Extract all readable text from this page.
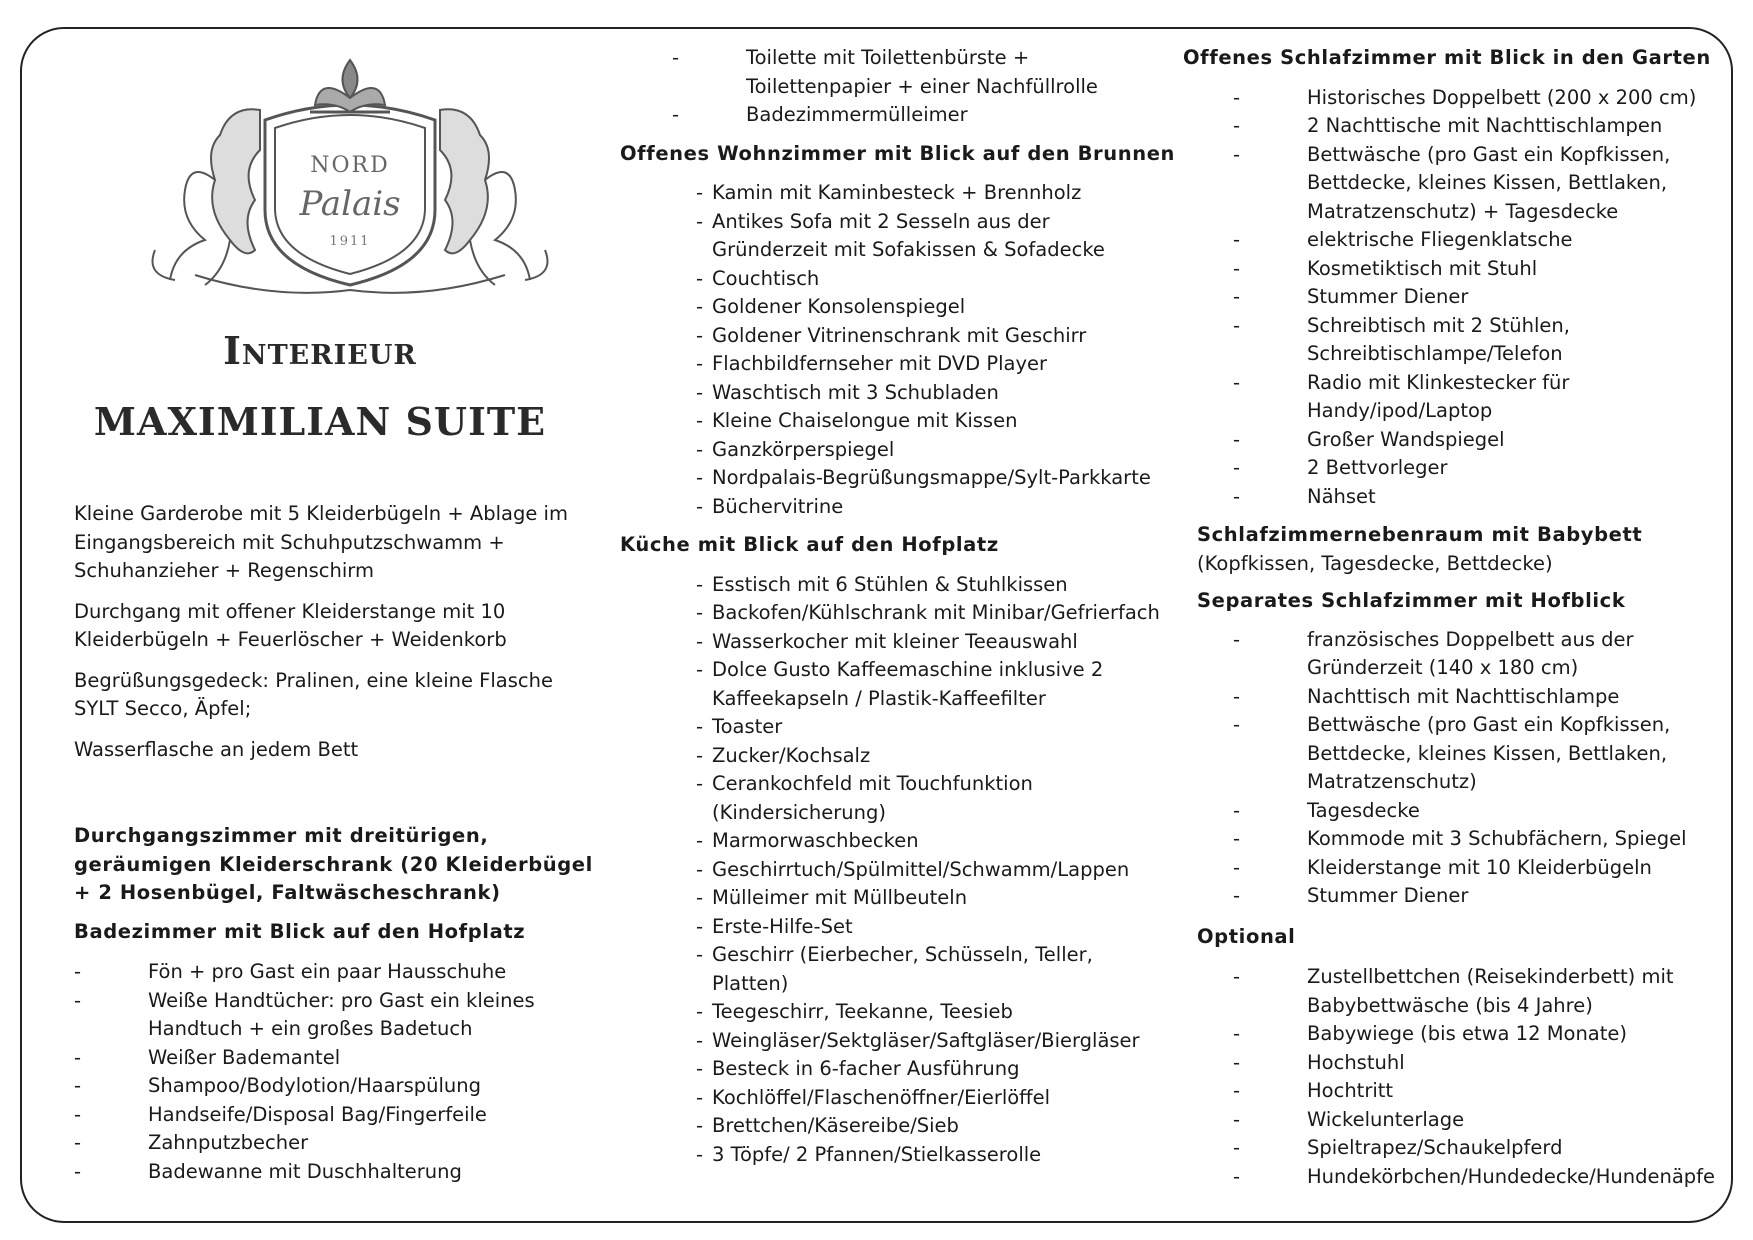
NORD
Palais
1911
Interieur
MAXIMILIAN SUITE

Kleine Garderobe mit 5 Kleiderbügeln + Ablage im Eingangsbereich mit Schuhputzschwamm + Schuhanzieher + Regenschirm

Durchgang mit offener Kleiderstange mit 10 Kleiderbügeln + Feuerlöscher + Weidenkorb

Begrüßungsgedeck: Pralinen, eine kleine Flasche SYLT Secco, Äpfel;

Wasserflasche an jedem Bett

Durchgangszimmer mit dreitürigen, geräumigen Kleiderschrank (20 Kleiderbügel + 2 Hosenbügel, Faltwäscheschrank)

Badezimmer mit Blick auf den Hofplatz

- Fön + pro Gast ein paar Hausschuhe
- Weiße Handtücher: pro Gast ein kleines Handtuch + ein großes Badetuch
- Weißer Bademantel
- Shampoo/Bodylotion/Haarspülung
- Handseife/Disposal Bag/Fingerfeile
- Zahnputzbecher
- Badewanne mit Duschhalterung
- Toilette mit Toilettenbürste + Toilettenpapier + einer Nachfüllrolle
- Badezimmermülleimer

Offenes Wohnzimmer mit Blick auf den Brunnen

- Kamin mit Kaminbesteck + Brennholz
- Antikes Sofa mit 2 Sesseln aus der Gründerzeit mit Sofakissen & Sofadecke
- Couchtisch
- Goldener Konsolenspiegel
- Goldener Vitrinenschrank mit Geschirr
- Flachbildfernseher mit DVD Player
- Waschtisch mit 3 Schubladen
- Kleine Chaiselongue mit Kissen
- Ganzkörperspiegel
- Nordpalais-Begrüßungsmappe/Sylt-Parkkarte
- Büchervitrine

Küche mit Blick auf den Hofplatz

- Esstisch mit 6 Stühlen & Stuhlkissen
- Backofen/Kühlschrank mit Minibar/Gefrierfach
- Wasserkocher mit kleiner Teeauswahl
- Dolce Gusto Kaffeemaschine inklusive 2 Kaffeekapseln / Plastik-Kaffeefilter
- Toaster
- Zucker/Kochsalz
- Cerankochfeld mit Touchfunktion (Kindersicherung)
- Marmorwaschbecken
- Geschirrtuch/Spülmittel/Schwamm/Lappen
- Mülleimer mit Müllbeuteln
- Erste-Hilfe-Set
- Geschirr (Eierbecher, Schüsseln, Teller, Platten)
- Teegeschirr, Teekanne, Teesieb
- Weingläser/Sektgläser/Saftgläser/Biergläser
- Besteck in 6-facher Ausführung
- Kochlöffel/Flaschenöffner/Eierlöffel
- Brettchen/Käsereibe/Sieb
- 3 Töpfe/ 2 Pfannen/Stielkasserolle

Offenes Schlafzimmer mit Blick in den Garten

- Historisches Doppelbett (200 x 200 cm)
- 2 Nachttische mit Nachttischlampen
- Bettwäsche (pro Gast ein Kopfkissen, Bettdecke, kleines Kissen, Bettlaken, Matratzenschutz) + Tagesdecke
- elektrische Fliegenklatsche
- Kosmetiktisch mit Stuhl
- Stummer Diener
- Schreibtisch mit 2 Stühlen, Schreibtischlampe/Telefon
- Radio mit Klinkestecker für Handy/ipod/Laptop
- Großer Wandspiegel
- 2 Bettvorleger
- Nähset

Schlafzimmernebenraum mit Babybett

(Kopfkissen, Tagesdecke, Bettdecke)

Separates Schlafzimmer mit Hofblick

- französisches Doppelbett aus der Gründerzeit (140 x 180 cm)
- Nachttisch mit Nachttischlampe
- Bettwäsche (pro Gast ein Kopfkissen, Bettdecke, kleines Kissen, Bettlaken, Matratzenschutz)
- Tagesdecke
- Kommode mit 3 Schubfächern, Spiegel
- Kleiderstange mit 10 Kleiderbügeln
- Stummer Diener

Optional

- Zustellbettchen (Reisekinderbett) mit Babybettwäsche (bis 4 Jahre)
- Babywiege (bis etwa 12 Monate)
- Hochstuhl
- Hochtritt
- Wickelunterlage
- Spieltrapez/Schaukelpferd
- Hundekörbchen/Hundedecke/Hundenäpfe
